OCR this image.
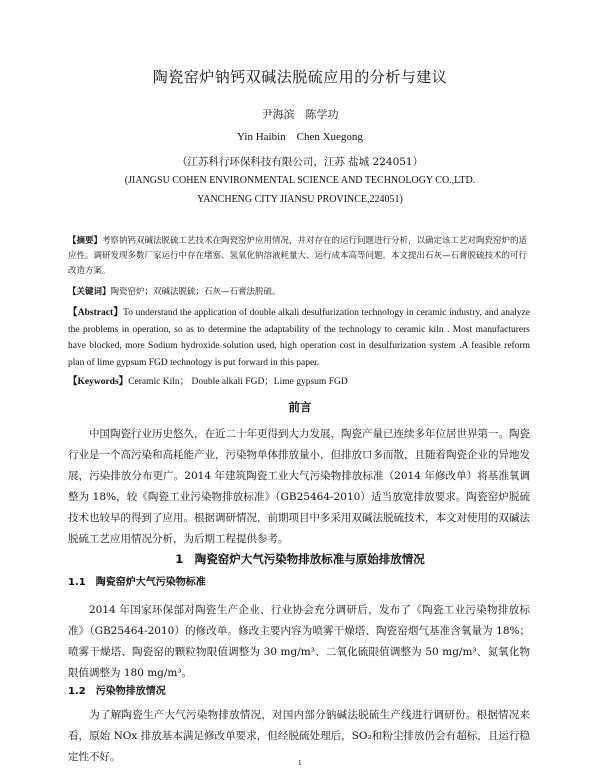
陶瓷窑炉钠钙双碱法脱硫应用的分析与建议
尹海滨　陈学功
Yin Haibin　Chen Xuegong
（江苏科行环保科技有限公司，江苏 盐城 224051）
(JIANGSU COHEN ENVIRONMENTAL SCIENCE AND TECHNOLOGY CO.,LTD.
YANCHENG CITY JIANSU PROVINCE,224051)
【摘要】考察钠钙双碱法脱硫工艺技术在陶瓷窑炉应用情况，并对存在的运行问题进行分析，以确定该工艺对陶瓷窑炉的适应性。调研发现多数厂家运行中存在堵塞、氢氧化钠溶液耗量大、运行成本高等问题。本文提出石灰—石膏脱硫技术的可行改造方案。
【关键词】陶瓷窑炉；双碱法脱硫；石灰—石膏法脱硫。
【Abstract】To understand the application of double alkali desulfurization technology in ceramic industry, and analyze the problems in operation, so as to determine the adaptability of the technology to ceramic kiln . Most manufacturers have blocked, more Sodium hydroxide solution used, high operation cost in desulfurization system .A feasible reform plan of lime gypsum FGD technology is put forward in this paper.
【Keywords】Ceramic Kiln； Double alkali FGD；Lime gypsum FGD
前言
中国陶瓷行业历史悠久，在近二十年更得到大力发展，陶瓷产量已连续多年位居世界第一。陶瓷行业是一个高污染和高耗能产业，污染物单体排放量小，但排放口多而散，且随着陶瓷企业的异地发展，污染排放分布更广。2014 年建筑陶瓷工业大气污染物排放标准（2014 年修改单）将基准氧调整为 18%，较《陶瓷工业污染物排放标准》（GB25464-2010）适当放宽排放要求。陶瓷窑炉脱硫技术也较早的得到了应用。根据调研情况，前期项目中多采用双碱法脱硫技术，本文对使用的双碱法脱硫工艺应用情况分析，为后期工程提供参考。
1　陶瓷窑炉大气污染物排放标准与原始排放情况
1.1 陶瓷窑炉大气污染物标准
2014 年国家环保部对陶瓷生产企业、行业协会充分调研后，发布了《陶瓷工业污染物排放标准》（GB25464-2010）的修改单。修改主要内容为喷雾干燥塔、陶瓷窑烟气基准含氧量为 18%；喷雾干燥塔、陶瓷窑的颗粒物限值调整为 30 mg/m³、二氧化硫限值调整为 50 mg/m³、氮氧化物限值调整为 180 mg/m³。
1.2 污染物排放情况
为了解陶瓷生产大气污染物排放情况，对国内部分钠碱法脱硫生产线进行调研份。根据情况来看，原始 NOx 排放基本满足修改单要求，但经脱硫处理后，SO₂和粉尘排放仍会有超标，且运行稳定性不好。
1
